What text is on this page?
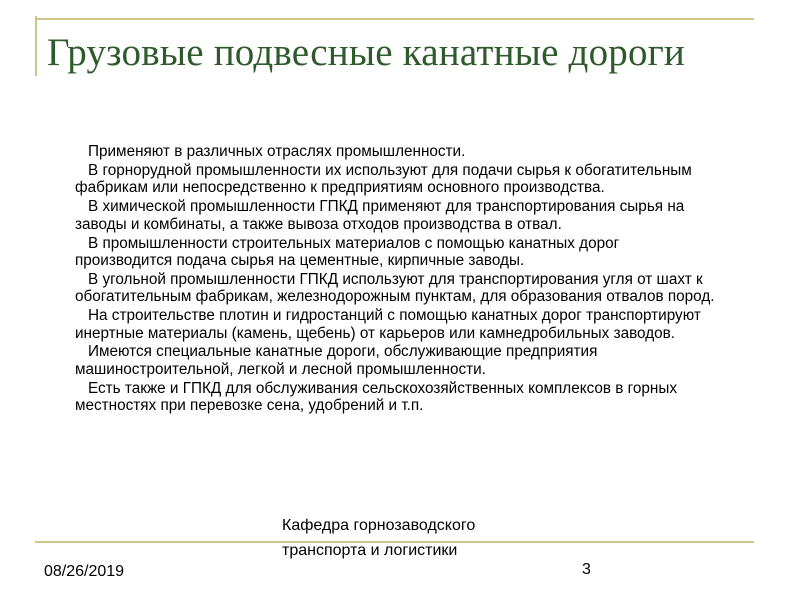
Грузовые подвесные канатные дороги

Применяют в различных отраслях промышленности.

В горнорудной промышленности их используют для подачи сырья к обогатительным фабрикам или непосредственно к предприятиям основного производства.

В химической промышленности ГПКД применяют для транспортирования сырья на заводы и комбинаты, а также вывоза отходов производства в отвал.

В промышленности строительных материалов с помощью канатных дорог производится подача сырья на цементные, кирпичные заводы.

В угольной промышленности ГПКД используют для транспортирования угля от шахт к обогатительным фабрикам, железнодорожным пунктам, для образования отвалов пород.

На строительстве плотин и гидростанций с помощью канатных дорог транспортируют инертные материалы (камень, щебень) от карьеров или камнедробильных заводов.

Имеются специальные канатные дороги, обслуживающие предприятия машиностроительной, легкой и лесной промышленности.

Есть также и ГПКД для обслуживания сельскохозяйственных комплексов в горных местностях при перевозке сена, удобрений и т.п.

08/26/2019
Кафедра горнозаводского транспорта и логистики
3
